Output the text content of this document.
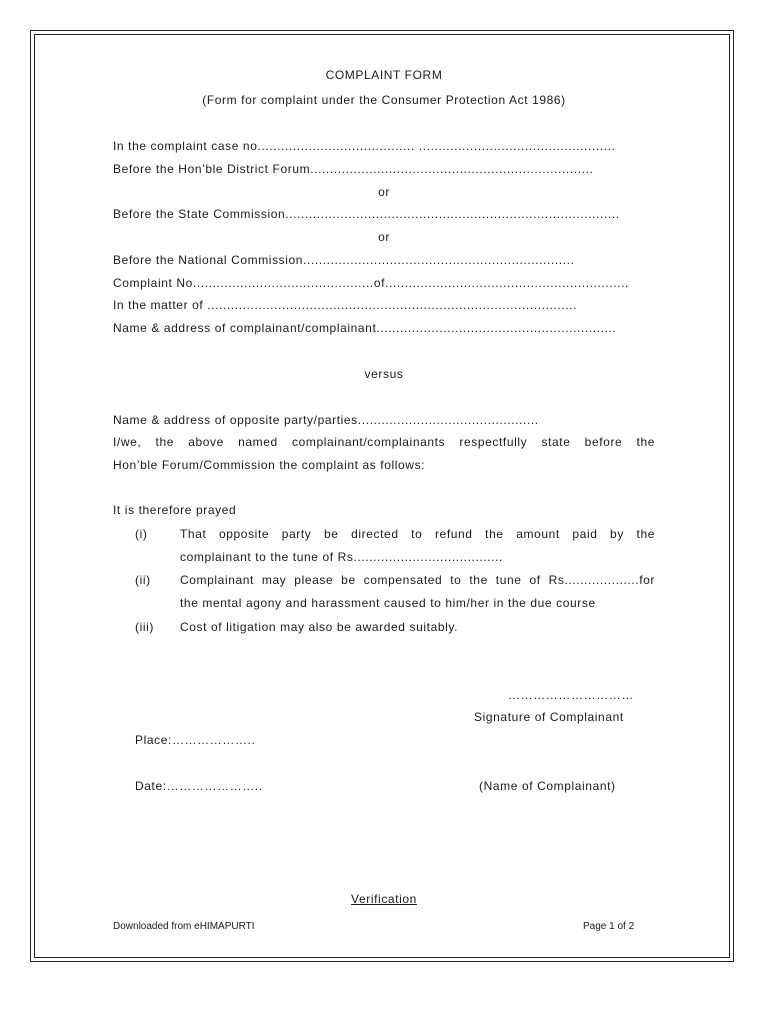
COMPLAINT FORM
(Form for complaint under the Consumer Protection Act 1986)
In the complaint case no........................................ ..................................................
Before the Hon’ble District Forum........................................................................
or
Before the State Commission.....................................................................................
or
Before the National Commission.....................................................................
Complaint No..............................................of..............................................................
In the matter of ..............................................................................................
Name & address of complainant/complainant.............................................................
versus
Name & address of opposite party/parties..............................................
I/we, the above named complainant/complainants respectfully state before the
Hon’ble Forum/Commission the complaint as follows:
It is therefore prayed
(i)	That opposite party be directed to refund the amount paid by the
complainant to the tune of Rs......................................
(ii) Complainant may please be compensated to the tune of Rs...................for
the mental agony and harassment caused to him/her in the due course
(iii) Cost of litigation may also be awarded suitably.
…………………………
Signature of Complainant
Place:………………..
Date:…………………..	(Name of Complainant)
Verification
Downloaded from eHIMAPURTI	Page 1 of 2
